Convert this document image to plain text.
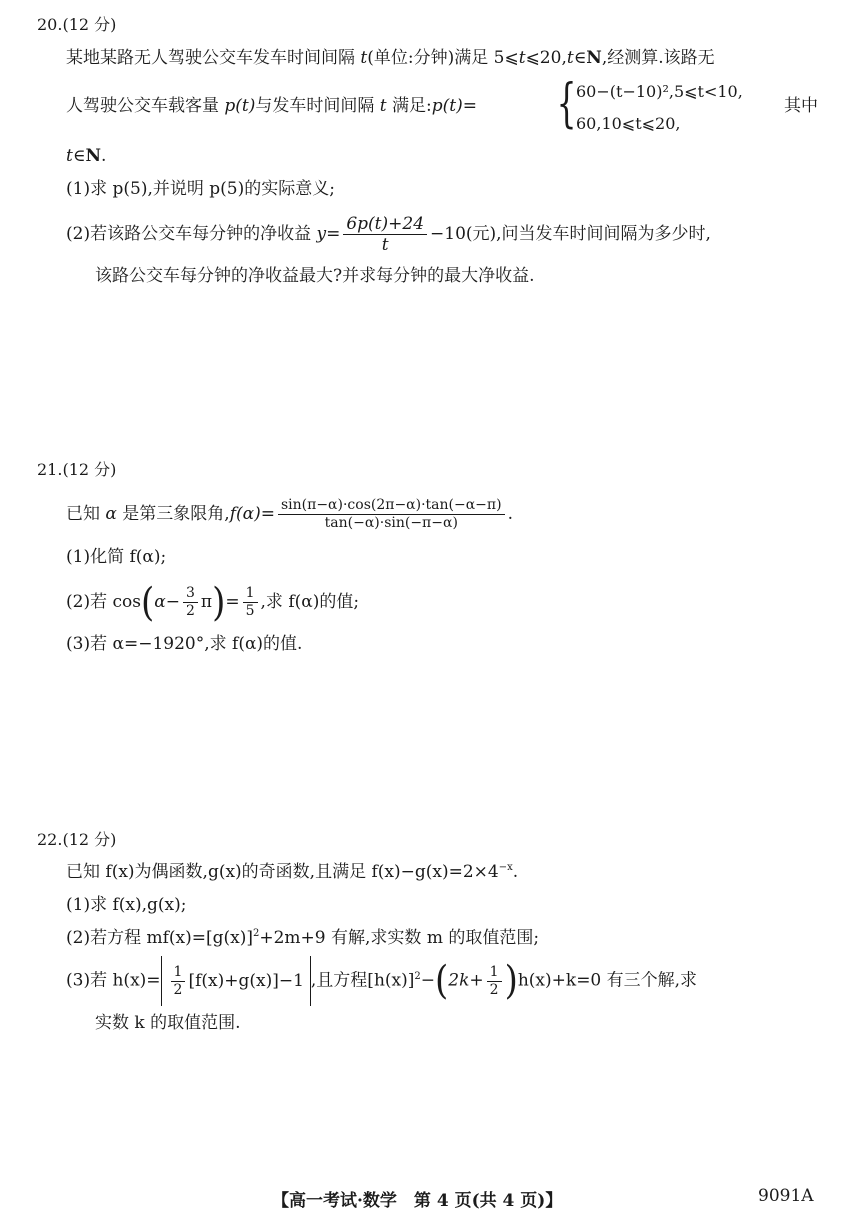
20.(12 分)
某地某路无人驾驶公交车发车时间间隔 t(单位:分钟)满足 5⩽t⩽20,t∈N,经测算.该路无
人驾驶公交车载客量 p(t)与发车时间间隔 t 满足:p(t)= { 60−(t−10)²,5⩽t<10,
60,10⩽t⩽20,
其中
t∈N.
(1)求 p(5),并说明 p(5)的实际意义;
(2)若该路公交车每分钟的净收益 $y= \frac{6p(t)+24}{t} -10$(元),问当发车时间间隔为多少时,
该路公交车每分钟的净收益最大?并求每分钟的最大净收益.
21.(12 分)
已知 α 是第三象限角$,f(\alpha)= \frac{\sin(\pi-\alpha)\cdot\cos(2\pi-\alpha)\cdot\tan(-\alpha-\pi)}{\tan(-\alpha)\cdot\sin(-\pi-\alpha)}$ .
(1)化简 f(α);
(2)若 $\cos(\alpha- \frac{3}{2} \pi)= \frac{1}{5}$ ,求 f(α)的值;
(3)若 α=−1920°,求 f(α)的值.
22.(12 分)
已知 f(x)为偶函数,g(x)的奇函数,且满足 $f(x)-g(x)=2\times 4^{-x}$.
(1)求 f(x),g(x);
(2)若方程 $mf(x)=[g(x)]^2+2m+9$ 有解,求实数 m 的取值范围;
(3)若 $h(x)= \frac{1}{2} [f(x)+g(x)]-1$ ,且方程$[h(x)]^2-(2k+ \frac{1}{2} )h(x)+k=0$ 有三个解,求
实数 k 的取值范围.
【高一考试·数学　第 4 页(共 4 页)】	9091A
